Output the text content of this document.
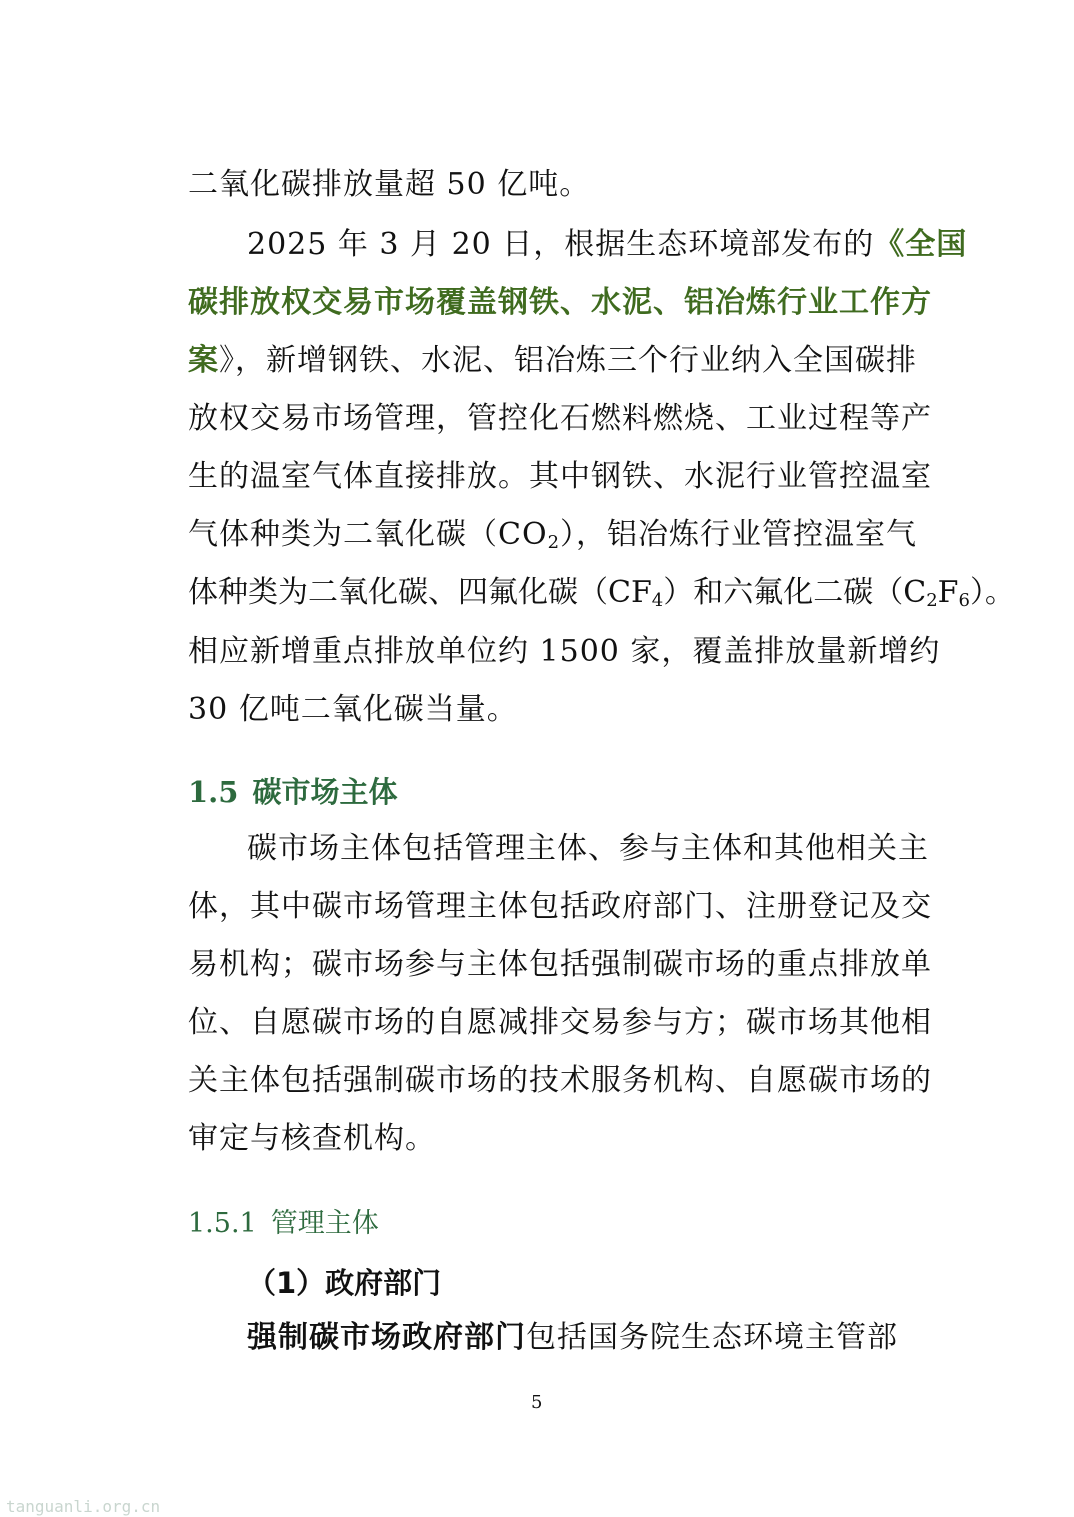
二氧化碳排放量超 50 亿吨。
2025 年 3 月 20 日，根据生态环境部发布的《全国
碳排放权交易市场覆盖钢铁、水泥、铝冶炼行业工作方
案》，新增钢铁、水泥、铝冶炼三个行业纳入全国碳排
放权交易市场管理，管控化石燃料燃烧、工业过程等产
生的温室气体直接排放。其中钢铁、水泥行业管控温室
气体种类为二氧化碳$(CO_2)$，铝冶炼行业管控温室气
体种类为二氧化碳、四氟化碳$(CF_4)$和六氟化二碳$(C_2F_6)$。
相应新增重点排放单位约 1500 家，覆盖排放量新增约
30 亿吨二氧化碳当量。
1.5 碳市场主体
碳市场主体包括管理主体、参与主体和其他相关主
体，其中碳市场管理主体包括政府部门、注册登记及交
易机构；碳市场参与主体包括强制碳市场的重点排放单
位、自愿碳市场的自愿减排交易参与方；碳市场其他相
关主体包括强制碳市场的技术服务机构、自愿碳市场的
审定与核查机构。
1.5.1 管理主体
（1）政府部门
强制碳市场政府部门包括国务院生态环境主管部
5
tanguanli.org.cn
